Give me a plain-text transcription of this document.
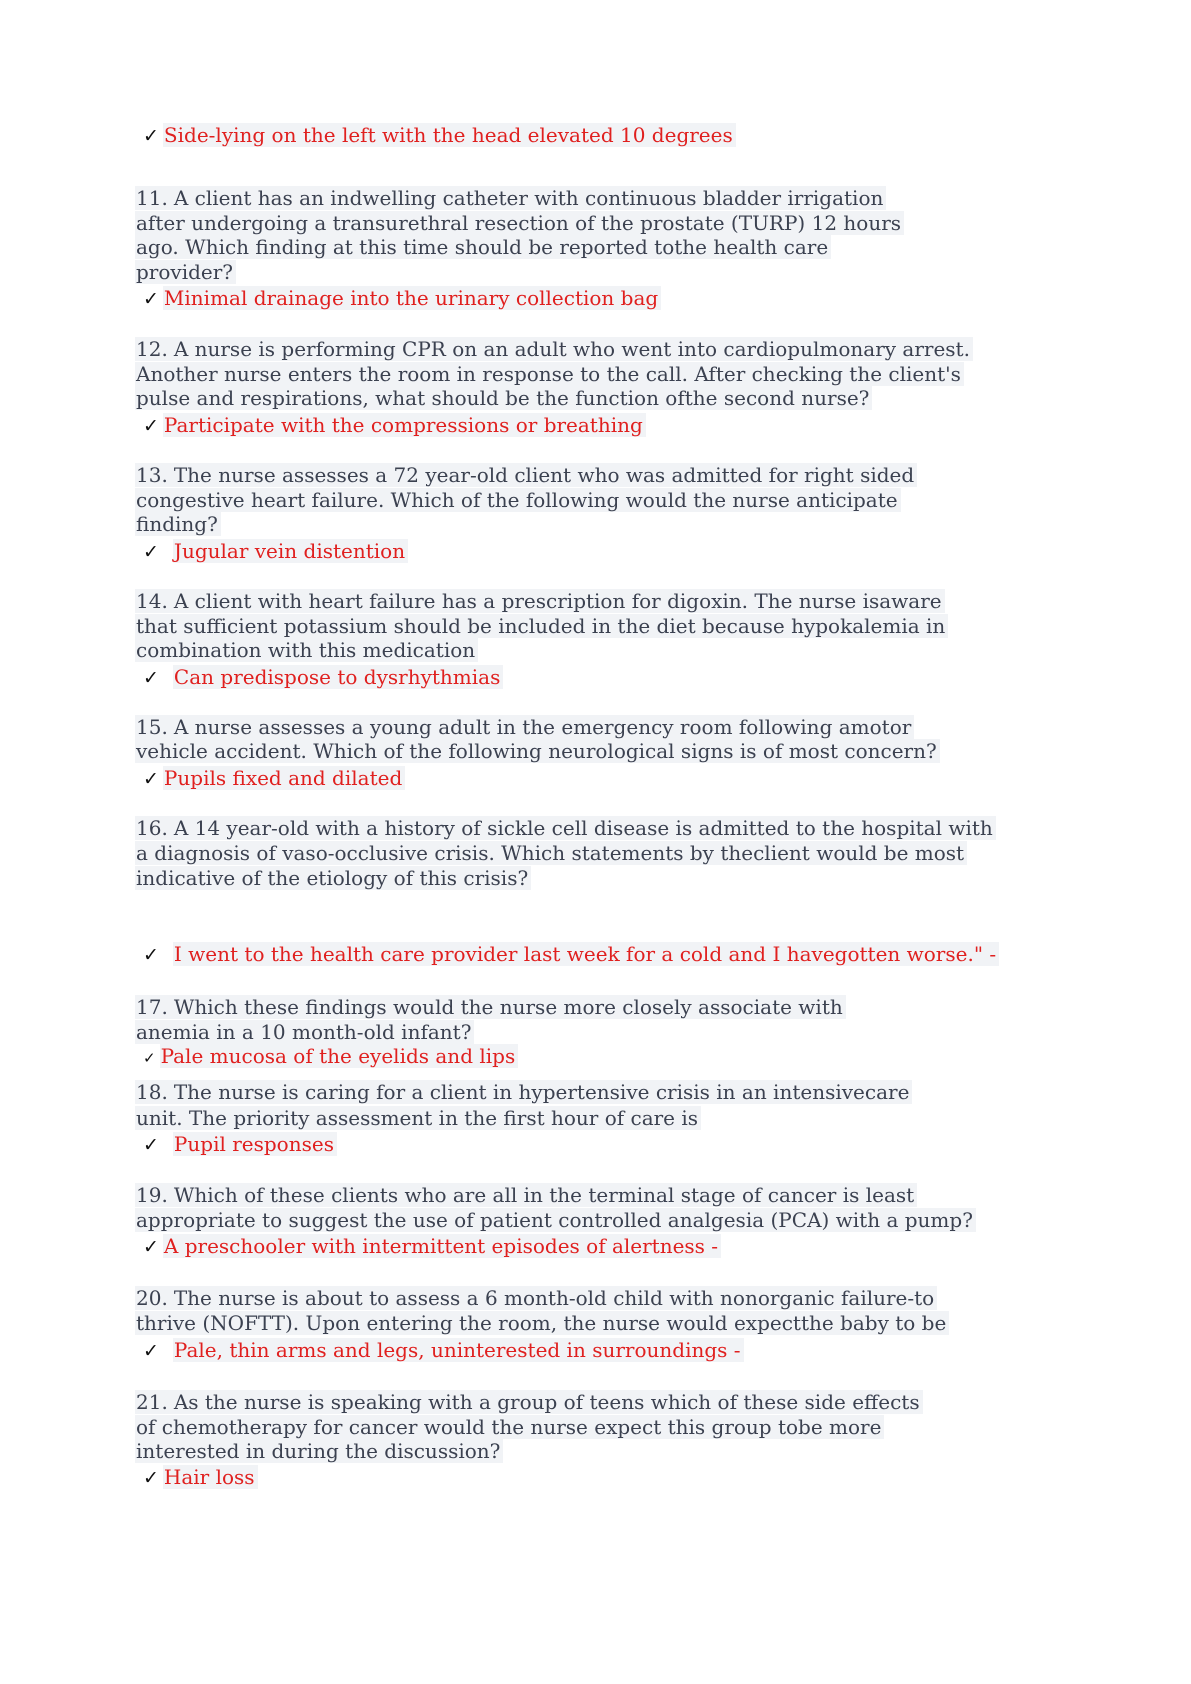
✓ Side-lying on the left with the head elevated 10 degrees
11. A client has an indwelling catheter with continuous bladder irrigation
after undergoing a transurethral resection of the prostate (TURP) 12 hours
ago. Which finding at this time should be reported tothe health care
provider?
✓ Minimal drainage into the urinary collection bag
12. A nurse is performing CPR on an adult who went into cardiopulmonary arrest.
Another nurse enters the room in response to the call. After checking the client's
pulse and respirations, what should be the function ofthe second nurse?
✓ Participate with the compressions or breathing
13. The nurse assesses a 72 year-old client who was admitted for right sided
congestive heart failure. Which of the following would the nurse anticipate
finding?
✓ Jugular vein distention
14. A client with heart failure has a prescription for digoxin. The nurse isaware
that sufficient potassium should be included in the diet because hypokalemia in
combination with this medication
✓ Can predispose to dysrhythmias
15. A nurse assesses a young adult in the emergency room following amotor
vehicle accident. Which of the following neurological signs is of most concern?
✓ Pupils fixed and dilated
16. A 14 year-old with a history of sickle cell disease is admitted to the hospital with
a diagnosis of vaso-occlusive crisis. Which statements by theclient would be most
indicative of the etiology of this crisis?
✓ I went to the health care provider last week for a cold and I havegotten worse." -
17. Which these findings would the nurse more closely associate with
anemia in a 10 month-old infant?
✓ Pale mucosa of the eyelids and lips
18. The nurse is caring for a client in hypertensive crisis in an intensivecare
unit. The priority assessment in the first hour of care is
✓ Pupil responses
19. Which of these clients who are all in the terminal stage of cancer is least
appropriate to suggest the use of patient controlled analgesia (PCA) with a pump?
✓ A preschooler with intermittent episodes of alertness -
20. The nurse is about to assess a 6 month-old child with nonorganic failure-to
thrive (NOFTT). Upon entering the room, the nurse would expectthe baby to be
✓ Pale, thin arms and legs, uninterested in surroundings -
21. As the nurse is speaking with a group of teens which of these side effects
of chemotherapy for cancer would the nurse expect this group tobe more
interested in during the discussion?
✓ Hair loss
